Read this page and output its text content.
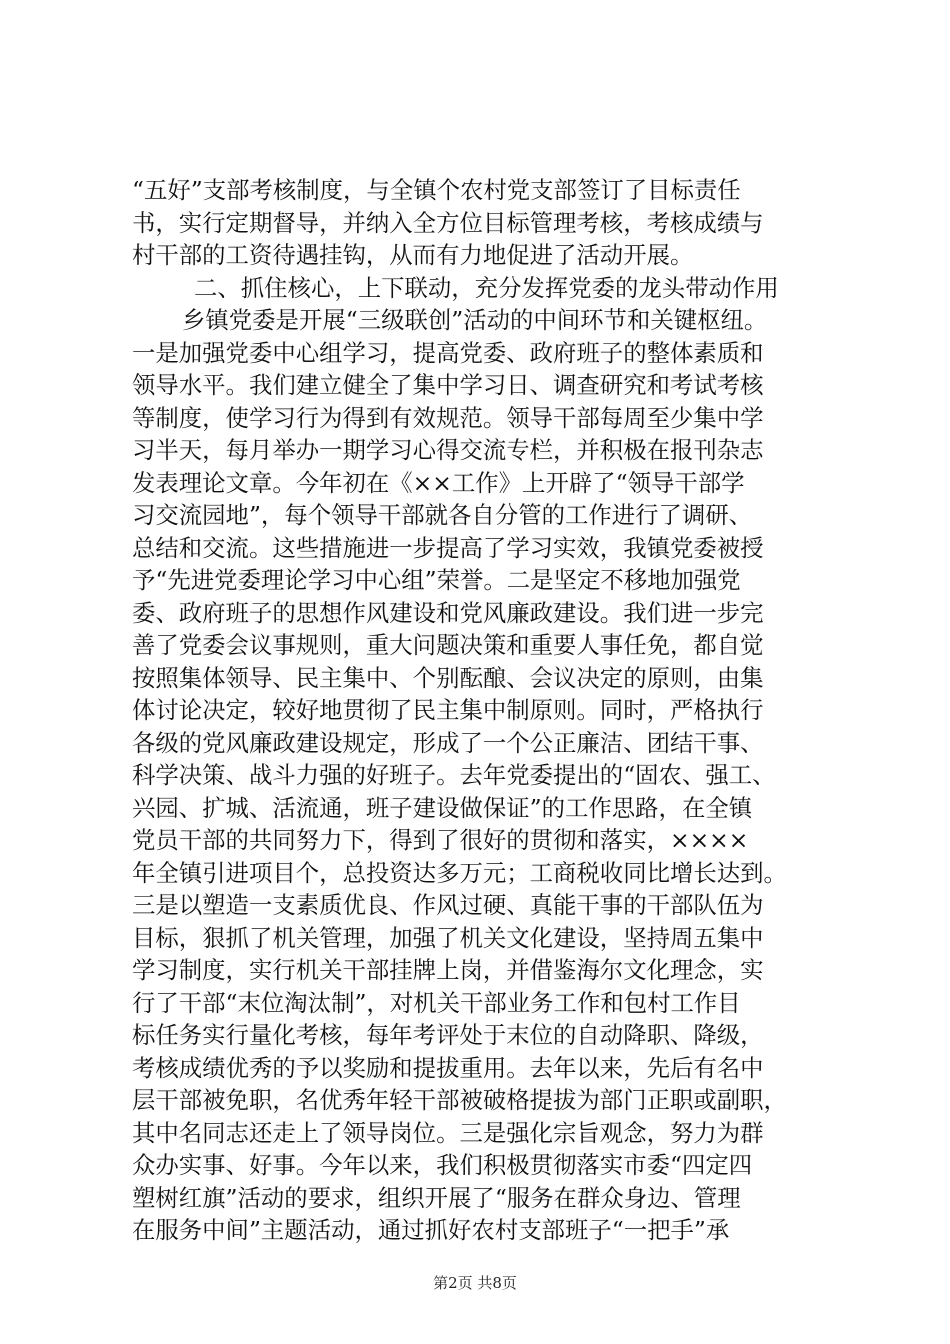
“五好”支部考核制度，与全镇个农村党支部签订了目标责任
书，实行定期督导，并纳入全方位目标管理考核，考核成绩与
村干部的工资待遇挂钩，从而有力地促进了活动开展。
二、抓住核心，上下联动，充分发挥党委的龙头带动作用
乡镇党委是开展“三级联创”活动的中间环节和关键枢纽。
一是加强党委中心组学习，提高党委、政府班子的整体素质和
领导水平。我们建立健全了集中学习日、调查研究和考试考核
等制度，使学习行为得到有效规范。领导干部每周至少集中学
习半天，每月举办一期学习心得交流专栏，并积极在报刊杂志
发表理论文章。今年初在《××工作》上开辟了“领导干部学
习交流园地”，每个领导干部就各自分管的工作进行了调研、
总结和交流。这些措施进一步提高了学习实效，我镇党委被授
予“先进党委理论学习中心组”荣誉。二是坚定不移地加强党
委、政府班子的思想作风建设和党风廉政建设。我们进一步完
善了党委会议事规则，重大问题决策和重要人事任免，都自觉
按照集体领导、民主集中、个别酝酿、会议决定的原则，由集
体讨论决定，较好地贯彻了民主集中制原则。同时，严格执行
各级的党风廉政建设规定，形成了一个公正廉洁、团结干事、
科学决策、战斗力强的好班子。去年党委提出的“固农、强工、
兴园、扩城、活流通，班子建设做保证”的工作思路，在全镇
党员干部的共同努力下，得到了很好的贯彻和落实，××××
年全镇引进项目个，总投资达多万元；工商税收同比增长达到。
三是以塑造一支素质优良、作风过硬、真能干事的干部队伍为
目标，狠抓了机关管理，加强了机关文化建设，坚持周五集中
学习制度，实行机关干部挂牌上岗，并借鉴海尔文化理念，实
行了干部“末位淘汰制”，对机关干部业务工作和包村工作目
标任务实行量化考核，每年考评处于末位的自动降职、降级，
考核成绩优秀的予以奖励和提拔重用。去年以来，先后有名中
层干部被免职，名优秀年轻干部被破格提拔为部门正职或副职，
其中名同志还走上了领导岗位。三是强化宗旨观念，努力为群
众办实事、好事。今年以来，我们积极贯彻落实市委“四定四
塑树红旗”活动的要求，组织开展了“服务在群众身边、管理
在服务中间”主题活动，通过抓好农村支部班子“一把手”承
第2页 共8页
